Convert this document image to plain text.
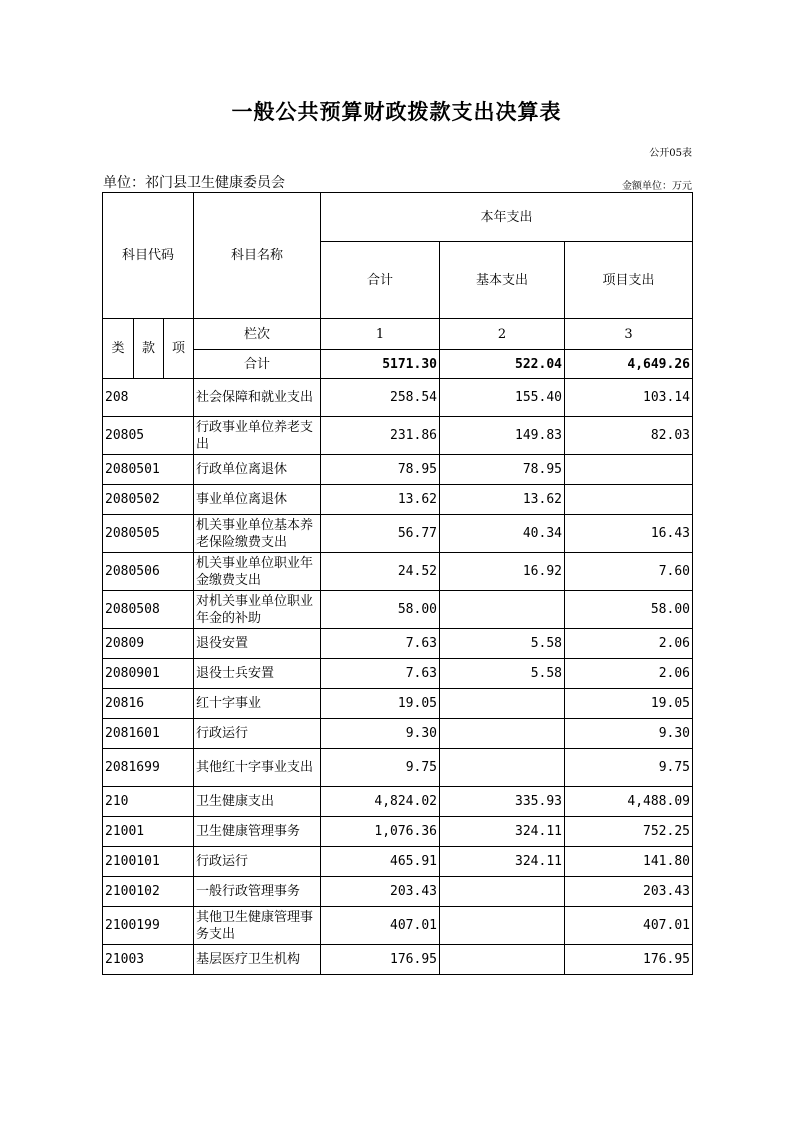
一般公共预算财政拨款支出决算表
公开05表
单位：祁门县卫生健康委员会	金额单位：万元
科目代码			科目名称	本年支出		
				合计	基本支出	项目支出
类	款	项	栏次	1	2	3
			合计	5171.30	522.04	4,649.26
208			社会保障和就业支出	258.54	155.40	103.14
20805			行政事业单位养老支出	231.86	149.83	82.03
2080501			行政单位离退休	78.95	78.95	
2080502			事业单位离退休	13.62	13.62	
2080505			机关事业单位基本养老保险缴费支出	56.77	40.34	16.43
2080506			机关事业单位职业年金缴费支出	24.52	16.92	7.60
2080508			对机关事业单位职业年金的补助	58.00		58.00
20809			退役安置	7.63	5.58	2.06
2080901			退役士兵安置	7.63	5.58	2.06
20816			红十字事业	19.05		19.05
2081601			行政运行	9.30		9.30
2081699			其他红十字事业支出	9.75		9.75
210			卫生健康支出	4,824.02	335.93	4,488.09
21001			卫生健康管理事务	1,076.36	324.11	752.25
2100101			行政运行	465.91	324.11	141.80
2100102			一般行政管理事务	203.43		203.43
2100199			其他卫生健康管理事务支出	407.01		407.01
21003			基层医疗卫生机构	176.95		176.95
